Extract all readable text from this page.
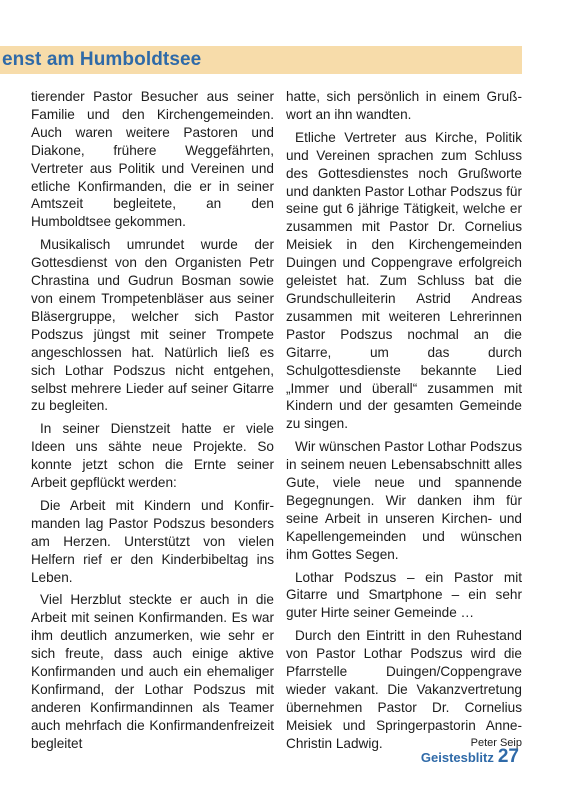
enst am Humboldtsee

tierender Pastor Besucher aus seiner Familie und den Kirchengemeinden. Auch waren weitere Pastoren und Diakone, frühere Weggefährten, Vertreter aus Politik und Vereinen und etliche Konfirmanden, die er in seiner Amtszeit begleitete, an den Humboldtsee gekommen.

Musikalisch umrundet wurde der Gottesdienst von den Organisten Petr Chrastina und Gudrun Bosman sowie von einem Trompetenbläser aus seiner Bläsergruppe, welcher sich Pastor Podszus jüngst mit seiner Trompete angeschlossen hat. Natürlich ließ es sich Lothar Podszus nicht entgehen, selbst mehrere Lieder auf seiner Gitarre zu begleiten.

In seiner Dienstzeit hatte er viele Ideen uns sähte neue Projekte. So konnte jetzt schon die Ernte seiner Arbeit gepflückt werden:

Die Arbeit mit Kindern und Konfirmanden lag Pastor Podszus besonders am Herzen. Unterstützt von vielen Helfern rief er den Kinderbibeltag ins Leben.

Viel Herzblut steckte er auch in die Arbeit mit seinen Konfirmanden. Es war ihm deutlich anzumerken, wie sehr er sich freute, dass auch einige aktive Konfirmanden und auch ein ehemaliger Konfirmand, der Lothar Podszus mit anderen Konfirmandinnen als Teamer auch mehrfach die Konfirmandenfreizeit begleitet

hatte, sich persönlich in einem Grußwort an ihn wandten.

Etliche Vertreter aus Kirche, Politik und Vereinen sprachen zum Schluss des Gottesdienstes noch Grußworte und dankten Pastor Lothar Podszus für seine gut 6 jährige Tätigkeit, welche er zusammen mit Pastor Dr. Cornelius Meisiek in den Kirchengemeinden Duingen und Coppengrave erfolgreich geleistet hat. Zum Schluss bat die Grundschulleiterin Astrid Andreas zusammen mit weiteren Lehrerinnen Pastor Podszus nochmal an die Gitarre, um das durch Schulgottesdienste bekannte Lied „Immer und überall“ zusammen mit Kindern und der gesamten Gemeinde zu singen.

Wir wünschen Pastor Lothar Podszus in seinem neuen Lebensabschnitt alles Gute, viele neue und spannende Begegnungen. Wir danken ihm für seine Arbeit in unseren Kirchen- und Kapellengemeinden und wünschen ihm Gottes Segen.

Lothar Podszus – ein Pastor mit Gitarre und Smartphone – ein sehr guter Hirte seiner Gemeinde …

Durch den Eintritt in den Ruhestand von Pastor Lothar Podszus wird die Pfarrstelle Duingen/Coppengrave wieder vakant. Die Vakanzvertretung übernehmen Pastor Dr. Cornelius Meisiek und Springerpastorin Anne-Christin Ladwig.	Peter Seip

Geistesblitz 27
